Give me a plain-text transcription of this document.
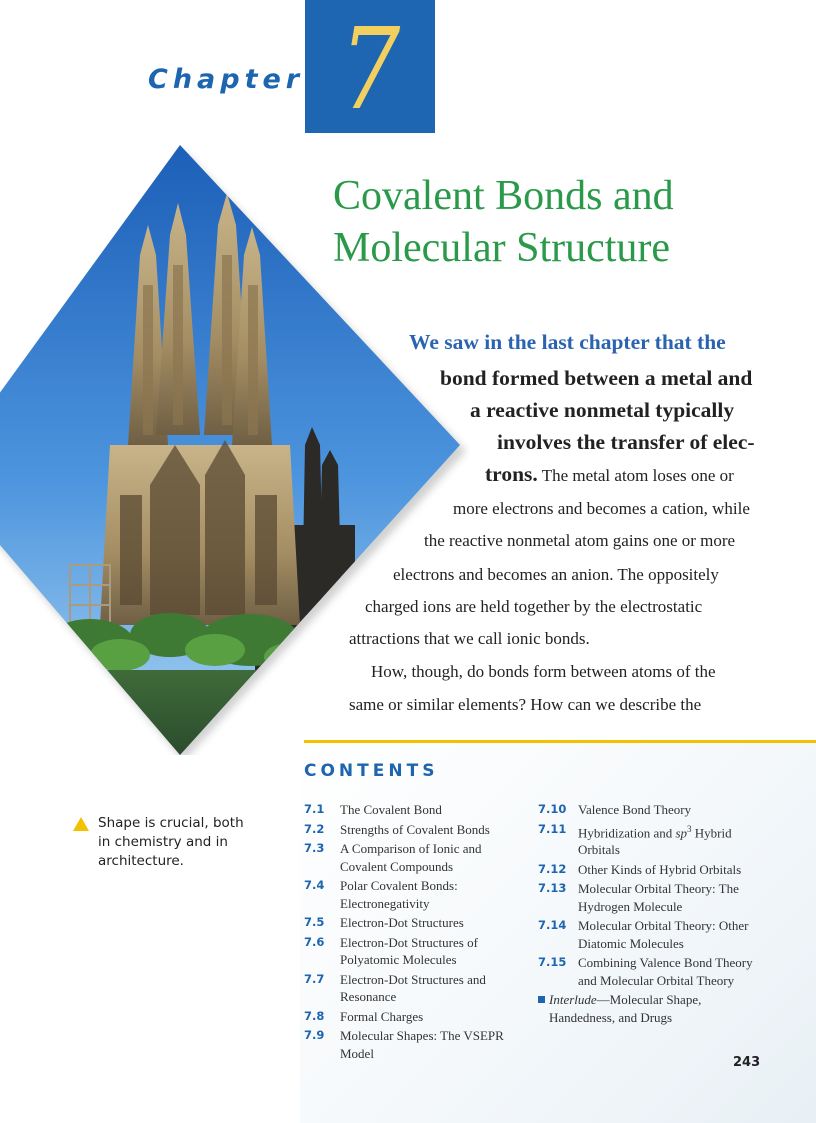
Chapter 7
Covalent Bonds and
Molecular Structure
We saw in the last chapter that the
bond formed between a metal and
a reactive nonmetal typically
involves the transfer of elec-
trons. The metal atom loses one or
more electrons and becomes a cation, while
the reactive nonmetal atom gains one or more
electrons and becomes an anion. The oppositely
charged ions are held together by the electrostatic
attractions that we call ionic bonds.
How, though, do bonds form between atoms of the
same or similar elements? How can we describe the
CONTENTS
7.1	The Covalent Bond
7.2	Strengths of Covalent Bonds
7.3	A Comparison of Ionic and Covalent Compounds
7.4	Polar Covalent Bonds: Electronegativity
7.5	Electron-Dot Structures
7.6	Electron-Dot Structures of Polyatomic Molecules
7.7	Electron-Dot Structures and Resonance
7.8	Formal Charges
7.9	Molecular Shapes: The VSEPR Model
7.10 Valence Bond Theory
7.11 Hybridization and $sp^3$ Hybrid Orbitals
7.12 Other Kinds of Hybrid Orbitals
7.13 Molecular Orbital Theory: The Hydrogen Molecule
7.14 Molecular Orbital Theory: Other Diatomic Molecules
7.15 Combining Valence Bond Theory and Molecular Orbital Theory
Interlude—Molecular Shape, Handedness, and Drugs
Shape is crucial, both in chemistry and in architecture.
243
